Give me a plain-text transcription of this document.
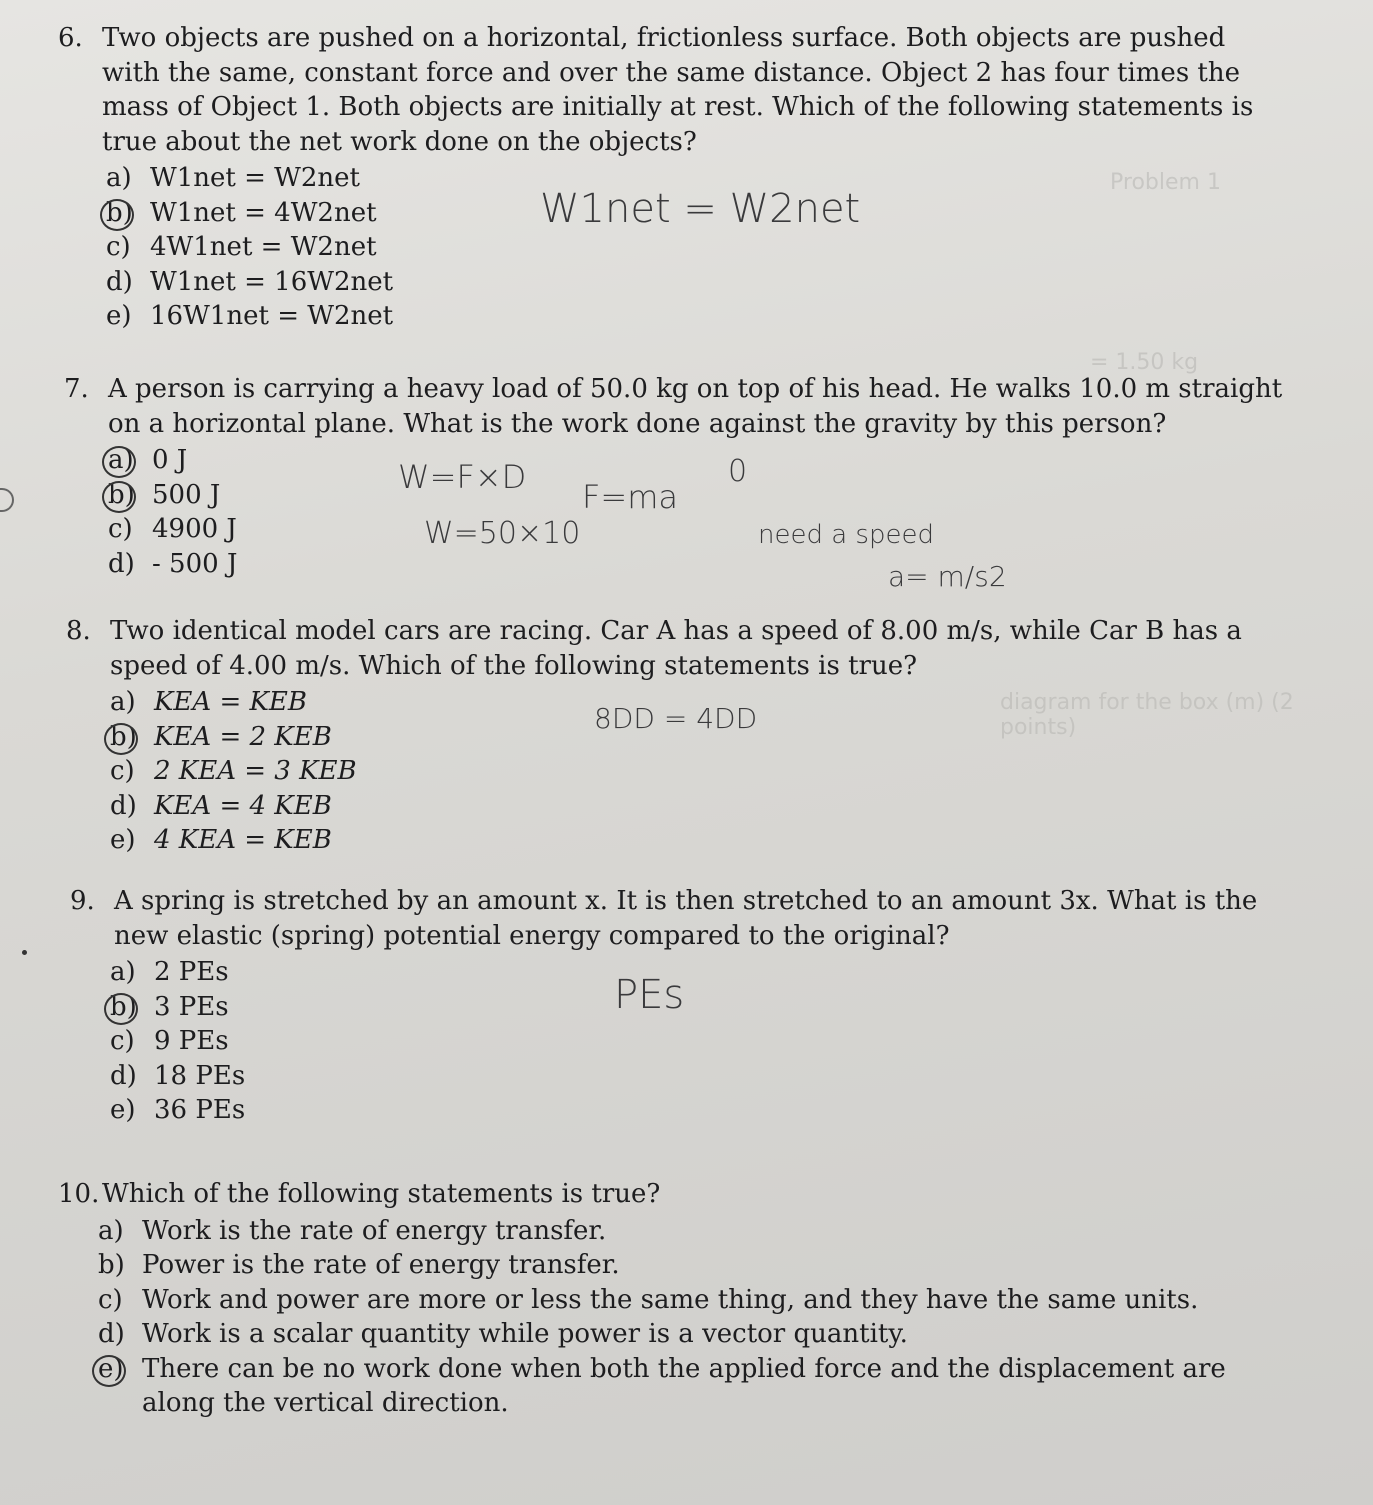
Problem 1
= 1.50 kg
diagram for the box (m) (2 points)
6. Two objects are pushed on a horizontal, frictionless surface. Both objects are pushed with the same, constant force and over the same distance. Object 2 has four times the mass of Object 1. Both objects are initially at rest. Which of the following statements is true about the net work done on the objects?
a) W1net = W2net
b) W1net = 4W2net
c) 4W1net = W2net
d) W1net = 16W2net
e) 16W1net = W2net
W1net = W2net
7. A person is carrying a heavy load of 50.0 kg on top of his head. He walks 10.0 m straight on a horizontal plane. What is the work done against the gravity by this person?
a) 0 J
b) 500 J
c) 4900 J
d) - 500 J
W=F×D
W=50×10
F=ma
0
need a speed
a= m/s2
8. Two identical model cars are racing. Car A has a speed of 8.00 m/s, while Car B has a speed of 4.00 m/s. Which of the following statements is true?
a) KEA = KEB
b) KEA = 2 KEB
c) 2 KEA = 3 KEB
d) KEA = 4 KEB
e) 4 KEA = KEB
8DD = 4DD
9. A spring is stretched by an amount x. It is then stretched to an amount 3x. What is the new elastic (spring) potential energy compared to the original?
a) 2 PEs
b) 3 PEs
c) 9 PEs
d) 18 PEs
e) 36 PEs
PEs
10. Which of the following statements is true?
a) Work is the rate of energy transfer.
b) Power is the rate of energy transfer.
c) Work and power are more or less the same thing, and they have the same units.
d) Work is a scalar quantity while power is a vector quantity.
e) There can be no work done when both the applied force and the displacement are along the vertical direction.
